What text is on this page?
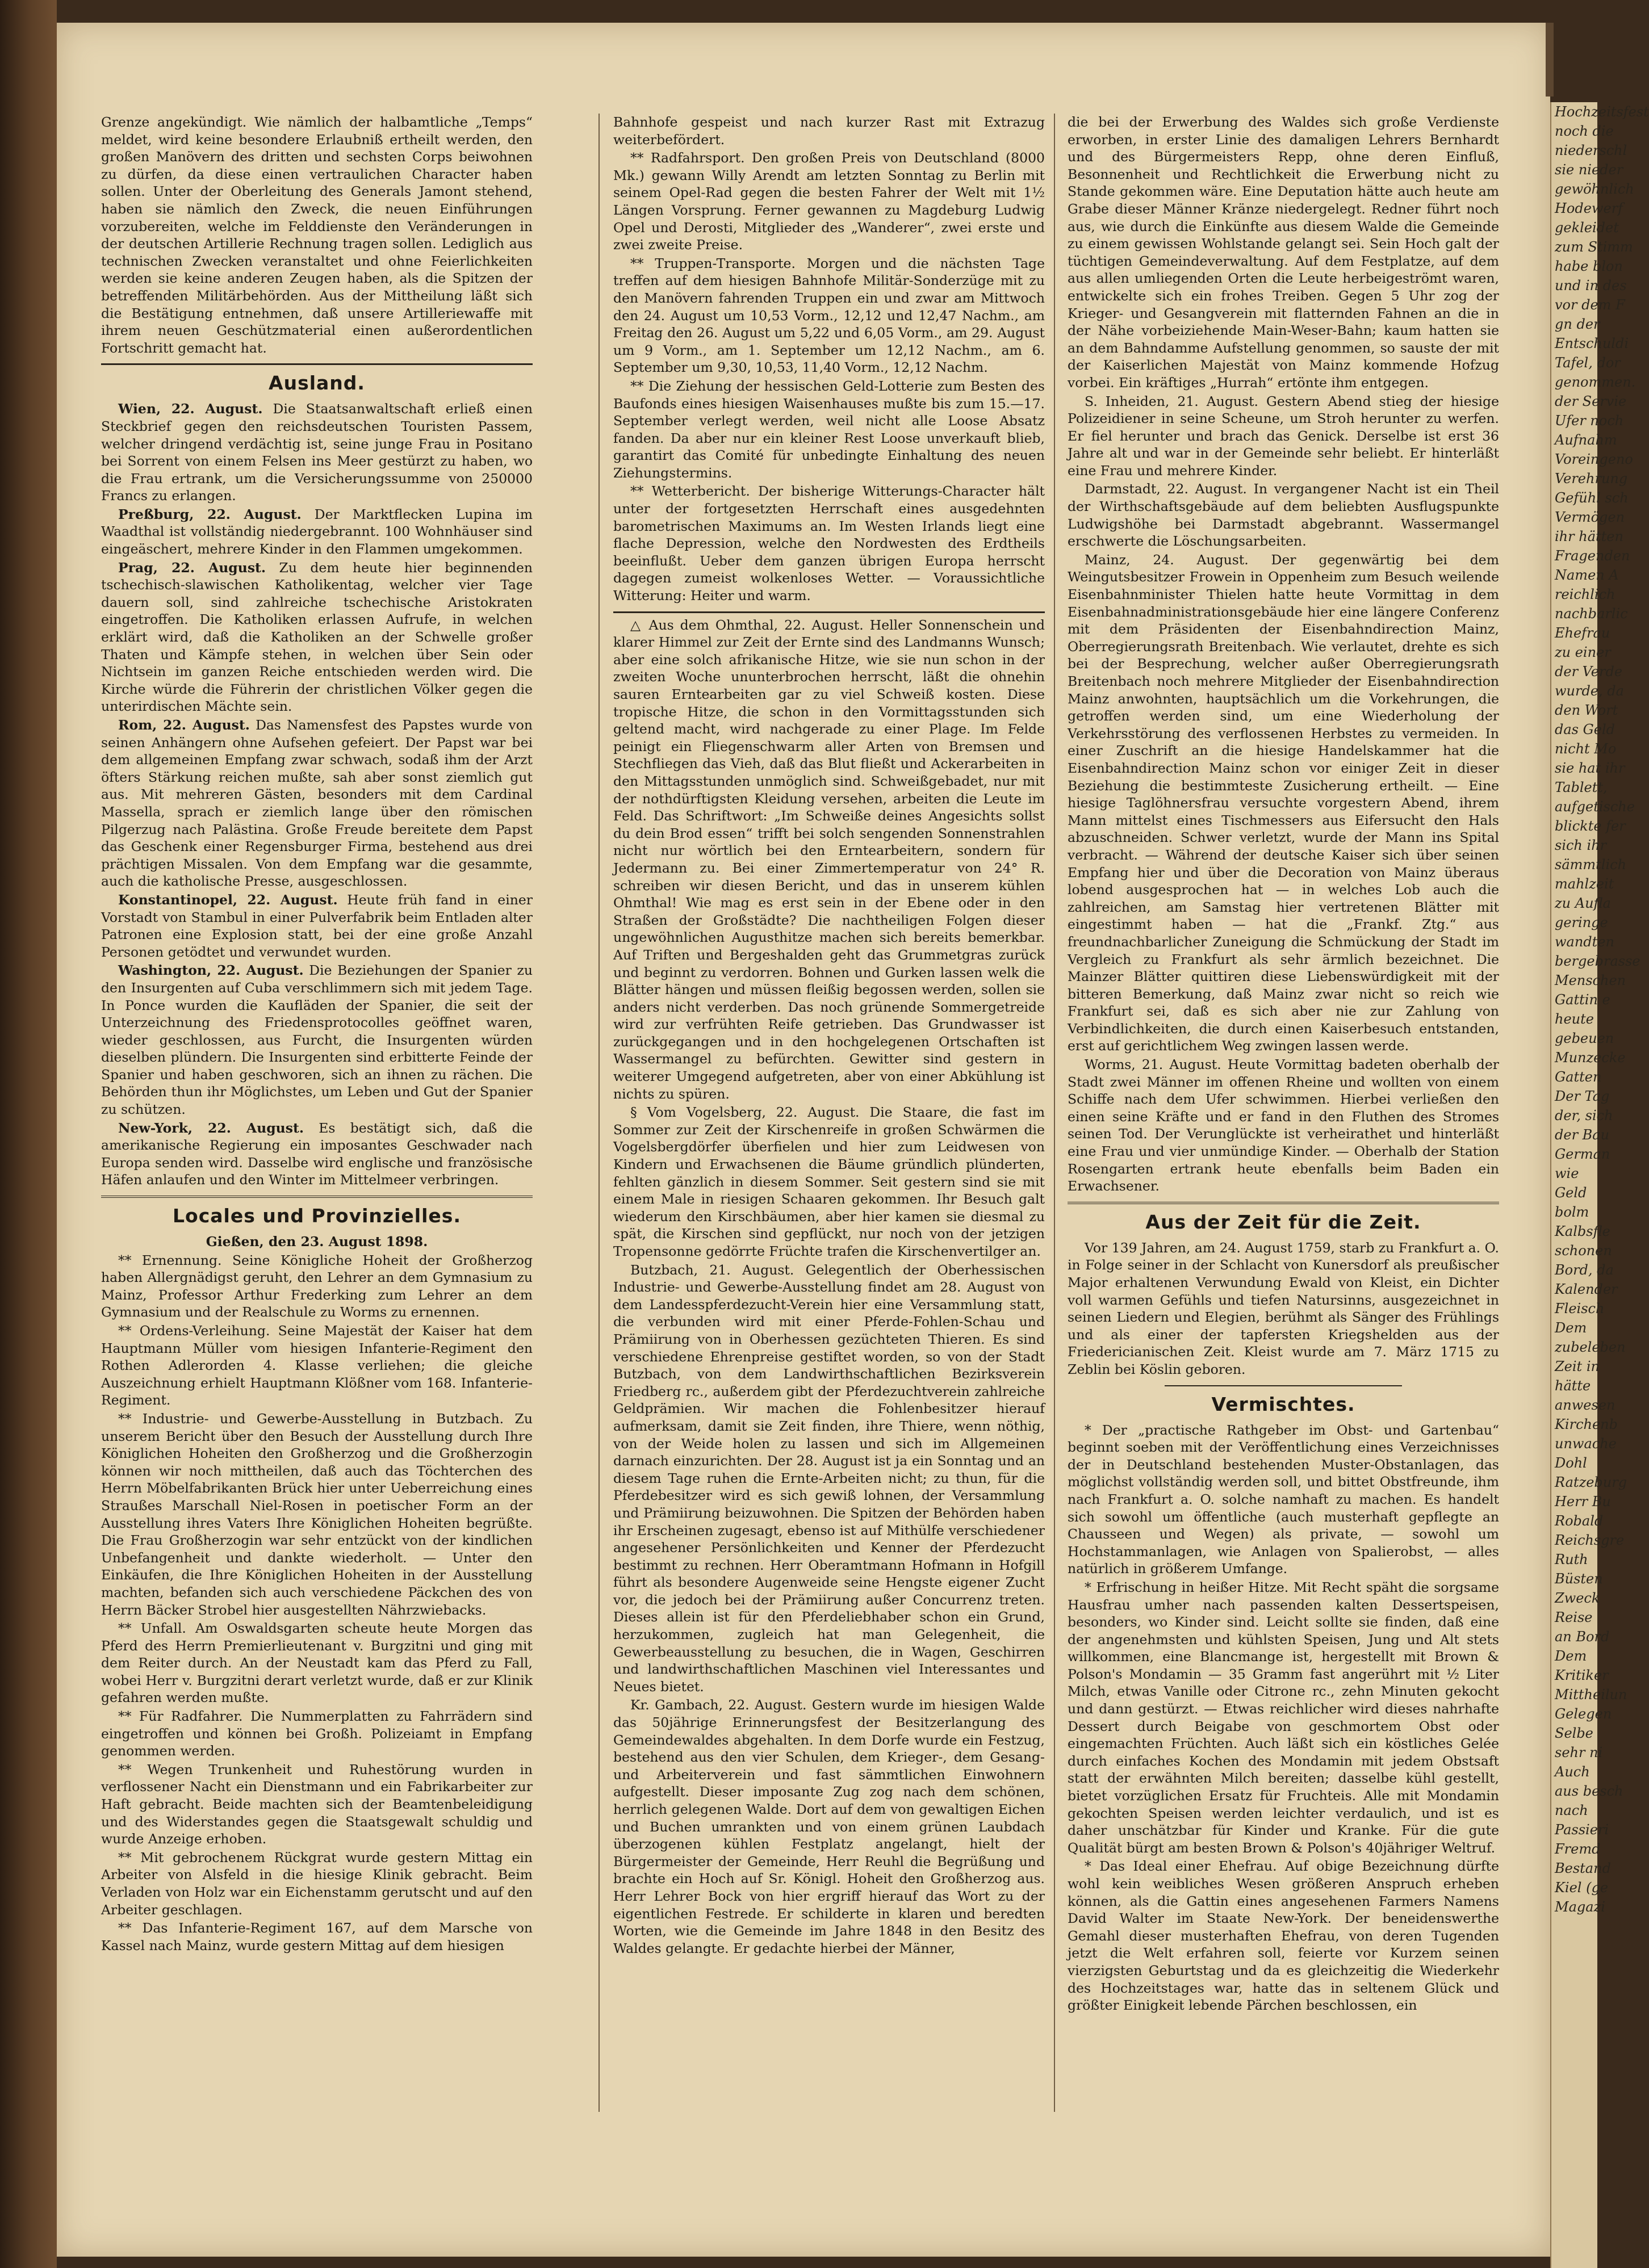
Grenze angekündigt. Wie nämlich der halbamtliche „Temps“ meldet, wird keine besondere Erlaubniß ertheilt werden, den großen Manövern des dritten und sechsten Corps beiwohnen zu dürfen, da diese einen vertraulichen Character haben sollen. Unter der Oberleitung des Generals Jamont stehend, haben sie nämlich den Zweck, die neuen Einführungen vorzubereiten, welche im Felddienste den Veränderungen in der deutschen Artillerie Rechnung tragen sollen. Lediglich aus technischen Zwecken veranstaltet und ohne Feierlichkeiten werden sie keine anderen Zeugen haben, als die Spitzen der betreffenden Militärbehörden. Aus der Mittheilung läßt sich die Bestätigung entnehmen, daß unsere Artilleriewaffe mit ihrem neuen Geschützmaterial einen außerordentlichen Fortschritt gemacht hat.

Ausland.

Wien, 22. August. Die Staatsanwaltschaft erließ einen Steckbrief gegen den reichsdeutschen Touristen Passem, welcher dringend verdächtig ist, seine junge Frau in Positano bei Sorrent von einem Felsen ins Meer gestürzt zu haben, wo die Frau ertrank, um die Versicherungssumme von 250000 Francs zu erlangen.

Preßburg, 22. August. Der Marktflecken Lupina im Waadthal ist vollständig niedergebrannt. 100 Wohnhäuser sind eingeäschert, mehrere Kinder in den Flammen umgekommen.

Prag, 22. August. Zu dem heute hier beginnenden tschechisch-slawischen Katholikentag, welcher vier Tage dauern soll, sind zahlreiche tschechische Aristokraten eingetroffen. Die Katholiken erlassen Aufrufe, in welchen erklärt wird, daß die Katholiken an der Schwelle großer Thaten und Kämpfe stehen, in welchen über Sein oder Nichtsein im ganzen Reiche entschieden werden wird. Die Kirche würde die Führerin der christlichen Völker gegen die unterirdischen Mächte sein.

Rom, 22. August. Das Namensfest des Papstes wurde von seinen Anhängern ohne Aufsehen gefeiert. Der Papst war bei dem allgemeinen Empfang zwar schwach, sodaß ihm der Arzt öfters Stärkung reichen mußte, sah aber sonst ziemlich gut aus. Mit mehreren Gästen, besonders mit dem Cardinal Massella, sprach er ziemlich lange über den römischen Pilgerzug nach Palästina. Große Freude bereitete dem Papst das Geschenk einer Regensburger Firma, bestehend aus drei prächtigen Missalen. Von dem Empfang war die gesammte, auch die katholische Presse, ausgeschlossen.

Konstantinopel, 22. August. Heute früh fand in einer Vorstadt von Stambul in einer Pulverfabrik beim Entladen alter Patronen eine Explosion statt, bei der eine große Anzahl Personen getödtet und verwundet wurden.

Washington, 22. August. Die Beziehungen der Spanier zu den Insurgenten auf Cuba verschlimmern sich mit jedem Tage. In Ponce wurden die Kaufläden der Spanier, die seit der Unterzeichnung des Friedensprotocolles geöffnet waren, wieder geschlossen, aus Furcht, die Insurgenten würden dieselben plündern. Die Insurgenten sind erbitterte Feinde der Spanier und haben geschworen, sich an ihnen zu rächen. Die Behörden thun ihr Möglichstes, um Leben und Gut der Spanier zu schützen.

New-York, 22. August. Es bestätigt sich, daß die amerikanische Regierung ein imposantes Geschwader nach Europa senden wird. Dasselbe wird englische und französische Häfen anlaufen und den Winter im Mittelmeer verbringen.

Locales und Provinzielles.

Gießen, den 23. August 1898.

** Ernennung. Seine Königliche Hoheit der Großherzog haben Allergnädigst geruht, den Lehrer an dem Gymnasium zu Mainz, Professor Arthur Frederking zum Lehrer an dem Gymnasium und der Realschule zu Worms zu ernennen.

** Ordens-Verleihung. Seine Majestät der Kaiser hat dem Hauptmann Müller vom hiesigen Infanterie-Regiment den Rothen Adlerorden 4. Klasse verliehen; die gleiche Auszeichnung erhielt Hauptmann Klößner vom 168. Infanterie-Regiment.

** Industrie- und Gewerbe-Ausstellung in Butzbach. Zu unserem Bericht über den Besuch der Ausstellung durch Ihre Königlichen Hoheiten den Großherzog und die Großherzogin können wir noch mittheilen, daß auch das Töchterchen des Herrn Möbelfabrikanten Brück hier unter Ueberreichung eines Straußes Marschall Niel-Rosen in poetischer Form an der Ausstellung ihres Vaters Ihre Königlichen Hoheiten begrüßte. Die Frau Großherzogin war sehr entzückt von der kindlichen Unbefangenheit und dankte wiederholt. — Unter den Einkäufen, die Ihre Königlichen Hoheiten in der Ausstellung machten, befanden sich auch verschiedene Päckchen des von Herrn Bäcker Strobel hier ausgestellten Nährzwiebacks.

** Unfall. Am Oswaldsgarten scheute heute Morgen das Pferd des Herrn Premierlieutenant v. Burgzitni und ging mit dem Reiter durch. An der Neustadt kam das Pferd zu Fall, wobei Herr v. Burgzitni derart verletzt wurde, daß er zur Klinik gefahren werden mußte.

** Für Radfahrer. Die Nummerplatten zu Fahrrädern sind eingetroffen und können bei Großh. Polizeiamt in Empfang genommen werden.

** Wegen Trunkenheit und Ruhestörung wurden in verflossener Nacht ein Dienstmann und ein Fabrikarbeiter zur Haft gebracht. Beide machten sich der Beamtenbeleidigung und des Widerstandes gegen die Staatsgewalt schuldig und wurde Anzeige erhoben.

** Mit gebrochenem Rückgrat wurde gestern Mittag ein Arbeiter von Alsfeld in die hiesige Klinik gebracht. Beim Verladen von Holz war ein Eichenstamm gerutscht und auf den Arbeiter geschlagen.

** Das Infanterie-Regiment 167, auf dem Marsche von Kassel nach Mainz, wurde gestern Mittag auf dem hiesigen

Bahnhofe gespeist und nach kurzer Rast mit Extrazug weiterbefördert.

** Radfahrsport. Den großen Preis von Deutschland (8000 Mk.) gewann Willy Arendt am letzten Sonntag zu Berlin mit seinem Opel-Rad gegen die besten Fahrer der Welt mit 1½ Längen Vorsprung. Ferner gewannen zu Magdeburg Ludwig Opel und Derosti, Mitglieder des „Wanderer“, zwei erste und zwei zweite Preise.

** Truppen-Transporte. Morgen und die nächsten Tage treffen auf dem hiesigen Bahnhofe Militär-Sonderzüge mit zu den Manövern fahrenden Truppen ein und zwar am Mittwoch den 24. August um 10,53 Vorm., 12,12 und 12,47 Nachm., am Freitag den 26. August um 5,22 und 6,05 Vorm., am 29. August um 9 Vorm., am 1. September um 12,12 Nachm., am 6. September um 9,30, 10,53, 11,40 Vorm., 12,12 Nachm.

** Die Ziehung der hessischen Geld-Lotterie zum Besten des Baufonds eines hiesigen Waisenhauses mußte bis zum 15.—17. September verlegt werden, weil nicht alle Loose Absatz fanden. Da aber nur ein kleiner Rest Loose unverkauft blieb, garantirt das Comité für unbedingte Einhaltung des neuen Ziehungstermins.

** Wetterbericht. Der bisherige Witterungs-Character hält unter der fortgesetzten Herrschaft eines ausgedehnten barometrischen Maximums an. Im Westen Irlands liegt eine flache Depression, welche den Nordwesten des Erdtheils beeinflußt. Ueber dem ganzen übrigen Europa herrscht dagegen zumeist wolkenloses Wetter. — Voraussichtliche Witterung: Heiter und warm.

△ Aus dem Ohmthal, 22. August. Heller Sonnenschein und klarer Himmel zur Zeit der Ernte sind des Landmanns Wunsch; aber eine solch afrikanische Hitze, wie sie nun schon in der zweiten Woche ununterbrochen herrscht, läßt die ohnehin sauren Erntearbeiten gar zu viel Schweiß kosten. Diese tropische Hitze, die schon in den Vormittagsstunden sich geltend macht, wird nachgerade zu einer Plage. Im Felde peinigt ein Fliegenschwarm aller Arten von Bremsen und Stechfliegen das Vieh, daß das Blut fließt und Ackerarbeiten in den Mittagsstunden unmöglich sind. Schweißgebadet, nur mit der nothdürftigsten Kleidung versehen, arbeiten die Leute im Feld. Das Schriftwort: „Im Schweiße deines Angesichts sollst du dein Brod essen“ trifft bei solch sengenden Sonnenstrahlen nicht nur wörtlich bei den Erntearbeitern, sondern für Jedermann zu. Bei einer Zimmertemperatur von 24° R. schreiben wir diesen Bericht, und das in unserem kühlen Ohmthal! Wie mag es erst sein in der Ebene oder in den Straßen der Großstädte? Die nachtheiligen Folgen dieser ungewöhnlichen Augusthitze machen sich bereits bemerkbar. Auf Triften und Bergeshalden geht das Grummetgras zurück und beginnt zu verdorren. Bohnen und Gurken lassen welk die Blätter hängen und müssen fleißig begossen werden, sollen sie anders nicht verderben. Das noch grünende Sommergetreide wird zur verfrühten Reife getrieben. Das Grundwasser ist zurückgegangen und in den hochgelegenen Ortschaften ist Wassermangel zu befürchten. Gewitter sind gestern in weiterer Umgegend aufgetreten, aber von einer Abkühlung ist nichts zu spüren.

§ Vom Vogelsberg, 22. August. Die Staare, die fast im Sommer zur Zeit der Kirschenreife in großen Schwärmen die Vogelsbergdörfer überfielen und hier zum Leidwesen von Kindern und Erwachsenen die Bäume gründlich plünderten, fehlten gänzlich in diesem Sommer. Seit gestern sind sie mit einem Male in riesigen Schaaren gekommen. Ihr Besuch galt wiederum den Kirschbäumen, aber hier kamen sie diesmal zu spät, die Kirschen sind gepflückt, nur noch von der jetzigen Tropensonne gedörrte Früchte trafen die Kirschenvertilger an.

Butzbach, 21. August. Gelegentlich der Oberhessischen Industrie- und Gewerbe-Ausstellung findet am 28. August von dem Landesspferdezucht-Verein hier eine Versammlung statt, die verbunden wird mit einer Pferde-Fohlen-Schau und Prämiirung von in Oberhessen gezüchteten Thieren. Es sind verschiedene Ehrenpreise gestiftet worden, so von der Stadt Butzbach, von dem Landwirthschaftlichen Bezirksverein Friedberg rc., außerdem gibt der Pferdezuchtverein zahlreiche Geldprämien. Wir machen die Fohlenbesitzer hierauf aufmerksam, damit sie Zeit finden, ihre Thiere, wenn nöthig, von der Weide holen zu lassen und sich im Allgemeinen darnach einzurichten. Der 28. August ist ja ein Sonntag und an diesem Tage ruhen die Ernte-Arbeiten nicht; zu thun, für die Pferdebesitzer wird es sich gewiß lohnen, der Versammlung und Prämiirung beizuwohnen. Die Spitzen der Behörden haben ihr Erscheinen zugesagt, ebenso ist auf Mithülfe verschiedener angesehener Persönlichkeiten und Kenner der Pferdezucht bestimmt zu rechnen. Herr Oberamtmann Hofmann in Hofgill führt als besondere Augenweide seine Hengste eigener Zucht vor, die jedoch bei der Prämiirung außer Concurrenz treten. Dieses allein ist für den Pferdeliebhaber schon ein Grund, herzukommen, zugleich hat man Gelegenheit, die Gewerbeausstellung zu besuchen, die in Wagen, Geschirren und landwirthschaftlichen Maschinen viel Interessantes und Neues bietet.

Kr. Gambach, 22. August. Gestern wurde im hiesigen Walde das 50jährige Erinnerungsfest der Besitzerlangung des Gemeindewaldes abgehalten. In dem Dorfe wurde ein Festzug, bestehend aus den vier Schulen, dem Krieger-, dem Gesang- und Arbeiterverein und fast sämmtlichen Einwohnern aufgestellt. Dieser imposante Zug zog nach dem schönen, herrlich gelegenen Walde. Dort auf dem von gewaltigen Eichen und Buchen umrankten und von einem grünen Laubdach überzogenen kühlen Festplatz angelangt, hielt der Bürgermeister der Gemeinde, Herr Reuhl die Begrüßung und brachte ein Hoch auf Sr. Königl. Hoheit den Großherzog aus. Herr Lehrer Bock von hier ergriff hierauf das Wort zu der eigentlichen Festrede. Er schilderte in klaren und beredten Worten, wie die Gemeinde im Jahre 1848 in den Besitz des Waldes gelangte. Er gedachte hierbei der Männer,

die bei der Erwerbung des Waldes sich große Verdienste erworben, in erster Linie des damaligen Lehrers Bernhardt und des Bürgermeisters Repp, ohne deren Einfluß, Besonnenheit und Rechtlichkeit die Erwerbung nicht zu Stande gekommen wäre. Eine Deputation hätte auch heute am Grabe dieser Männer Kränze niedergelegt. Redner führt noch aus, wie durch die Einkünfte aus diesem Walde die Gemeinde zu einem gewissen Wohlstande gelangt sei. Sein Hoch galt der tüchtigen Gemeindeverwaltung. Auf dem Festplatze, auf dem aus allen umliegenden Orten die Leute herbeigeströmt waren, entwickelte sich ein frohes Treiben. Gegen 5 Uhr zog der Krieger- und Gesangverein mit flatternden Fahnen an die in der Nähe vorbeiziehende Main-Weser-Bahn; kaum hatten sie an dem Bahndamme Aufstellung genommen, so sauste der mit der Kaiserlichen Majestät von Mainz kommende Hofzug vorbei. Ein kräftiges „Hurrah“ ertönte ihm entgegen.

S. Inheiden, 21. August. Gestern Abend stieg der hiesige Polizeidiener in seine Scheune, um Stroh herunter zu werfen. Er fiel herunter und brach das Genick. Derselbe ist erst 36 Jahre alt und war in der Gemeinde sehr beliebt. Er hinterläßt eine Frau und mehrere Kinder.

Darmstadt, 22. August. In vergangener Nacht ist ein Theil der Wirthschaftsgebäude auf dem beliebten Ausflugspunkte Ludwigshöhe bei Darmstadt abgebrannt. Wassermangel erschwerte die Löschungsarbeiten.

Mainz, 24. August. Der gegenwärtig bei dem Weingutsbesitzer Frowein in Oppenheim zum Besuch weilende Eisenbahnminister Thielen hatte heute Vormittag in dem Eisenbahnadministrationsgebäude hier eine längere Conferenz mit dem Präsidenten der Eisenbahndirection Mainz, Oberregierungsrath Breitenbach. Wie verlautet, drehte es sich bei der Besprechung, welcher außer Oberregierungsrath Breitenbach noch mehrere Mitglieder der Eisenbahndirection Mainz anwohnten, hauptsächlich um die Vorkehrungen, die getroffen werden sind, um eine Wiederholung der Verkehrsstörung des verflossenen Herbstes zu vermeiden. In einer Zuschrift an die hiesige Handelskammer hat die Eisenbahndirection Mainz schon vor einiger Zeit in dieser Beziehung die bestimmteste Zusicherung ertheilt. — Eine hiesige Taglöhnersfrau versuchte vorgestern Abend, ihrem Mann mittelst eines Tischmessers aus Eifersucht den Hals abzuschneiden. Schwer verletzt, wurde der Mann ins Spital verbracht. — Während der deutsche Kaiser sich über seinen Empfang hier und über die Decoration von Mainz überaus lobend ausgesprochen hat — in welches Lob auch die zahlreichen, am Samstag hier vertretenen Blätter mit eingestimmt haben — hat die „Frankf. Ztg.“ aus freundnachbarlicher Zuneigung die Schmückung der Stadt im Vergleich zu Frankfurt als sehr ärmlich bezeichnet. Die Mainzer Blätter quittiren diese Liebenswürdigkeit mit der bitteren Bemerkung, daß Mainz zwar nicht so reich wie Frankfurt sei, daß es sich aber nie zur Zahlung von Verbindlichkeiten, die durch einen Kaiserbesuch entstanden, erst auf gerichtlichem Weg zwingen lassen werde.

Worms, 21. August. Heute Vormittag badeten oberhalb der Stadt zwei Männer im offenen Rheine und wollten von einem Schiffe nach dem Ufer schwimmen. Hierbei verließen den einen seine Kräfte und er fand in den Fluthen des Stromes seinen Tod. Der Verunglückte ist verheirathet und hinterläßt eine Frau und vier unmündige Kinder. — Oberhalb der Station Rosengarten ertrank heute ebenfalls beim Baden ein Erwachsener.

Aus der Zeit für die Zeit.

Vor 139 Jahren, am 24. August 1759, starb zu Frankfurt a. O. in Folge seiner in der Schlacht von Kunersdorf als preußischer Major erhaltenen Verwundung Ewald von Kleist, ein Dichter voll warmen Gefühls und tiefen Natursinns, ausgezeichnet in seinen Liedern und Elegien, berühmt als Sänger des Frühlings und als einer der tapfersten Kriegshelden aus der Friedericianischen Zeit. Kleist wurde am 7. März 1715 zu Zeblin bei Köslin geboren.

Vermischtes.

* Der „practische Rathgeber im Obst- und Gartenbau“ beginnt soeben mit der Veröffentlichung eines Verzeichnisses der in Deutschland bestehenden Muster-Obstanlagen, das möglichst vollständig werden soll, und bittet Obstfreunde, ihm nach Frankfurt a. O. solche namhaft zu machen. Es handelt sich sowohl um öffentliche (auch musterhaft gepflegte an Chausseen und Wegen) als private, — sowohl um Hochstammanlagen, wie Anlagen von Spalierobst, — alles natürlich in größerem Umfange.

* Erfrischung in heißer Hitze. Mit Recht späht die sorgsame Hausfrau umher nach passenden kalten Dessertspeisen, besonders, wo Kinder sind. Leicht sollte sie finden, daß eine der angenehmsten und kühlsten Speisen, Jung und Alt stets willkommen, eine Blancmange ist, hergestellt mit Brown & Polson's Mondamin — 35 Gramm fast angerührt mit ½ Liter Milch, etwas Vanille oder Citrone rc., zehn Minuten gekocht und dann gestürzt. — Etwas reichlicher wird dieses nahrhafte Dessert durch Beigabe von geschmortem Obst oder eingemachten Früchten. Auch läßt sich ein köstliches Gelée durch einfaches Kochen des Mondamin mit jedem Obstsaft statt der erwähnten Milch bereiten; dasselbe kühl gestellt, bietet vorzüglichen Ersatz für Fruchteis. Alle mit Mondamin gekochten Speisen werden leichter verdaulich, und ist es daher unschätzbar für Kinder und Kranke. Für die gute Qualität bürgt am besten Brown & Polson's 40jähriger Weltruf.

* Das Ideal einer Ehefrau. Auf obige Bezeichnung dürfte wohl kein weibliches Wesen größeren Anspruch erheben können, als die Gattin eines angesehenen Farmers Namens David Walter im Staate New-York. Der beneidenswerthe Gemahl dieser musterhaften Ehefrau, von deren Tugenden jetzt die Welt erfahren soll, feierte vor Kurzem seinen vierzigsten Geburtstag und da es gleichzeitig die Wiederkehr des Hochzeitstages war, hatte das in seltenem Glück und größter Einigkeit lebende Pärchen beschlossen, ein

Hochzeitsfest
noch die
niederschl
sie nieder
gewöhnlich
Hodewerf
gekleidet
zum Stimm
habe blon
und in des
vor dem F
gn der
Entschuldi
Tafel, dor
genommen.
der Servie
Ufer noch
Aufnahm
Voreingeno
Verehrung
Gefühl sch
Vermögen
ihr hätten
Fragenden
Namen A
reichlich
nachbarlic
Ehefrau
zu einer
der Verde
wurde, da
den Wort
das Geld
nicht Mo
sie hat ihr
Tablett,
aufgetische
blickte fer
sich ihr
sämmtlich
mahlzeit
zu Aufla
geringe
wandten
bergebrasse
Menschen
Gattin e
heute
gebeuen
Munzecke
Gatten
Der Tag
der, sich
der Bau
German
wie
Geld
bolm
Kalbsfle
schonen
Bord, da
Kalender
Fleisch
Dem
zubeleben
Zeit in
hätte
anwesen
Kirchenb
unwache
Dohl
Ratzeburg
Herr Bu
Robald
Reichsgre
Ruth
Büsten
Zweck
Reise
an Bord
Dem
Kritiker
Mittheilun
Gelegen
Selbe
sehr ni
Auch
aus besch
nach
Passieri
Fremd
Bestand
Kiel (ge
Magazi
